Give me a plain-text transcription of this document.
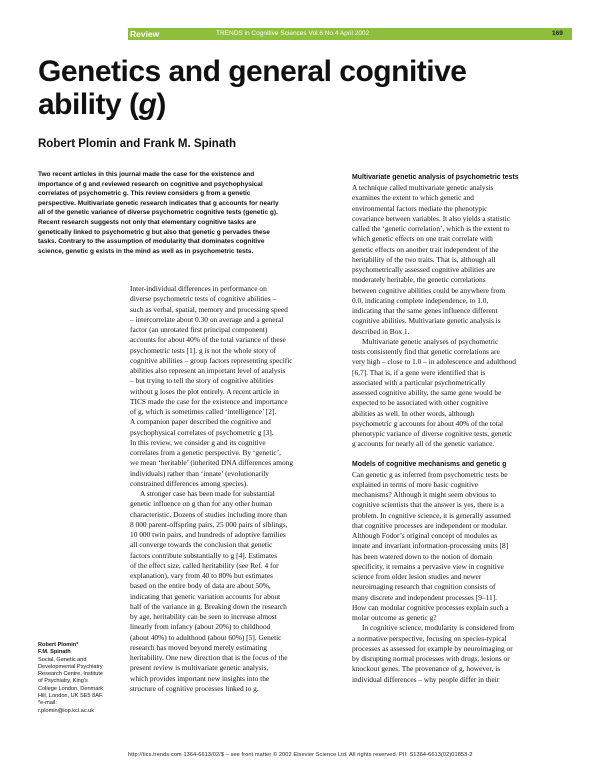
Review	TRENDS in Cognitive Sciences Vol.6 No.4 April 2002	169
Genetics and general cognitive
ability (g)
Robert Plomin and Frank M. Spinath
Two recent articles in this journal made the case for the existence and
importance of g and reviewed research on cognitive and psychophysical
correlates of psychometric g. This review considers g from a genetic
perspective. Multivariate genetic research indicates that g accounts for nearly
all of the genetic variance of diverse psychometric cognitive tests (genetic g).
Recent research suggests not only that elementary cognitive tasks are
genetically linked to psychometric g but also that genetic g pervades these
tasks. Contrary to the assumption of modularity that dominates cognitive
science, genetic g exists in the mind as well as in psychometric tests.
Inter-individual differences in performance on
diverse psychometric tests of cognitive abilities –
such as verbal, spatial, memory and processing speed
– intercorrelate about 0.30 on average and a general
factor (an unrotated first principal component)
accounts for about 40% of the total variance of these
psychometric tests [1]. g is not the whole story of
cognitive abilities – group factors representing specific
abilities also represent an important level of analysis
– but trying to tell the story of cognitive abilities
without g loses the plot entirely. A recent article in
TICS made the case for the existence and importance
of g, which is sometimes called ‘intelligence’ [2].
A companion paper described the cognitive and
psychophysical correlates of psychometric g [3].
In this review, we consider g and its cognitive
correlates from a genetic perspective. By ‘genetic’,
we mean ‘heritable’ (inherited DNA differences among
individuals) rather than ‘innate’ (evolutionarily
constrained differences among species).
A stronger case has been made for substantial
genetic influence on g than for any other human
characteristic. Dozens of studies including more than
8 000 parent-offspring pairs, 25 000 pairs of siblings,
10 000 twin pairs, and hundreds of adoptive families
all converge towards the conclusion that genetic
factors contribute substantially to g [4]. Estimates
of the effect size, called heritability (see Ref. 4 for
explanation), vary from 40 to 80% but estimates
based on the entire body of data are about 50%,
indicating that genetic variation accounts for about
half of the variance in g. Breaking down the research
by age, heritability can be seen to increase almost
linearly from infancy (about 20%) to childhood
(about 40%) to adulthood (about 60%) [5]. Genetic
research has moved beyond merely estimating
heritability. One new direction that is the focus of the
present review is multivariate genetic analysis,
which provides important new insights into the
structure of cognitive processes linked to g.
Multivariate genetic analysis of psychometric tests
A technique called multivariate genetic analysis
examines the extent to which genetic and
environmental factors mediate the phenotypic
covariance between variables. It also yields a statistic
called the ‘genetic correlation’, which is the extent to
which genetic effects on one trait correlate with
genetic effects on another trait independent of the
heritability of the two traits. That is, although all
psychometrically assessed cognitive abilities are
moderately heritable, the genetic correlations
between cognitive abilities could be anywhere from
0.0, indicating complete independence, to 1.0,
indicating that the same genes influence different
cognitive abilities. Multivariate genetic analysis is
described in Box 1.
Multivariate genetic analyses of psychometric
tests consistently find that genetic correlations are
very high – close to 1.0 – in adolescence and adulthood
[6,7]. That is, if a gene were identified that is
associated with a particular psychometrically
assessed cognitive ability, the same gene would be
expected to be associated with other cognitive
abilities as well. In other words, although
psychometric g accounts for about 40% of the total
phenotypic variance of diverse cognitive tests, genetic
g accounts for nearly all of the genetic variance.
Models of cognitive mechanisms and genetic g
Can genetic g as inferred from psychometric tests be
explained in terms of more basic cognitive
mechanisms? Although it might seem obvious to
cognitive scientists that the answer is yes, there is a
problem. In cognitive science, it is generally assumed
that cognitive processes are independent or modular.
Although Fodor’s original concept of modules as
innate and invariant information-processing units [8]
has been watered down to the notion of domain
specificity, it remains a pervasive view in cognitive
science from older lesion studies and newer
neuroimaging research that cognition consists of
many discrete and independent processes [9–11].
How can modular cognitive processes explain such a
molar outcome as genetic g?
In cognitive science, modularity is considered from
a normative perspective, focusing on species-typical
processes as assessed for example by neuroimaging or
by disrupting normal processes with drugs, lesions or
knockout genes. The provenance of g, however, is
individual differences – why people differ in their

Robert Plomin*

F.M. Spinath

Social, Genetic and
Developmental Psychiatry
Research Centre, Institute
of Psychiatry, King’s
College London, Denmark
Hill, London, UK SE5 8AF.
*e-mail:
r.plomin@iop.kcl.ac.uk
http://tics.trends.com 1364-6613/02/$ – see front matter © 2002 Elsevier Science Ltd. All rights reserved. PII: S1364-6613(02)01853-2
